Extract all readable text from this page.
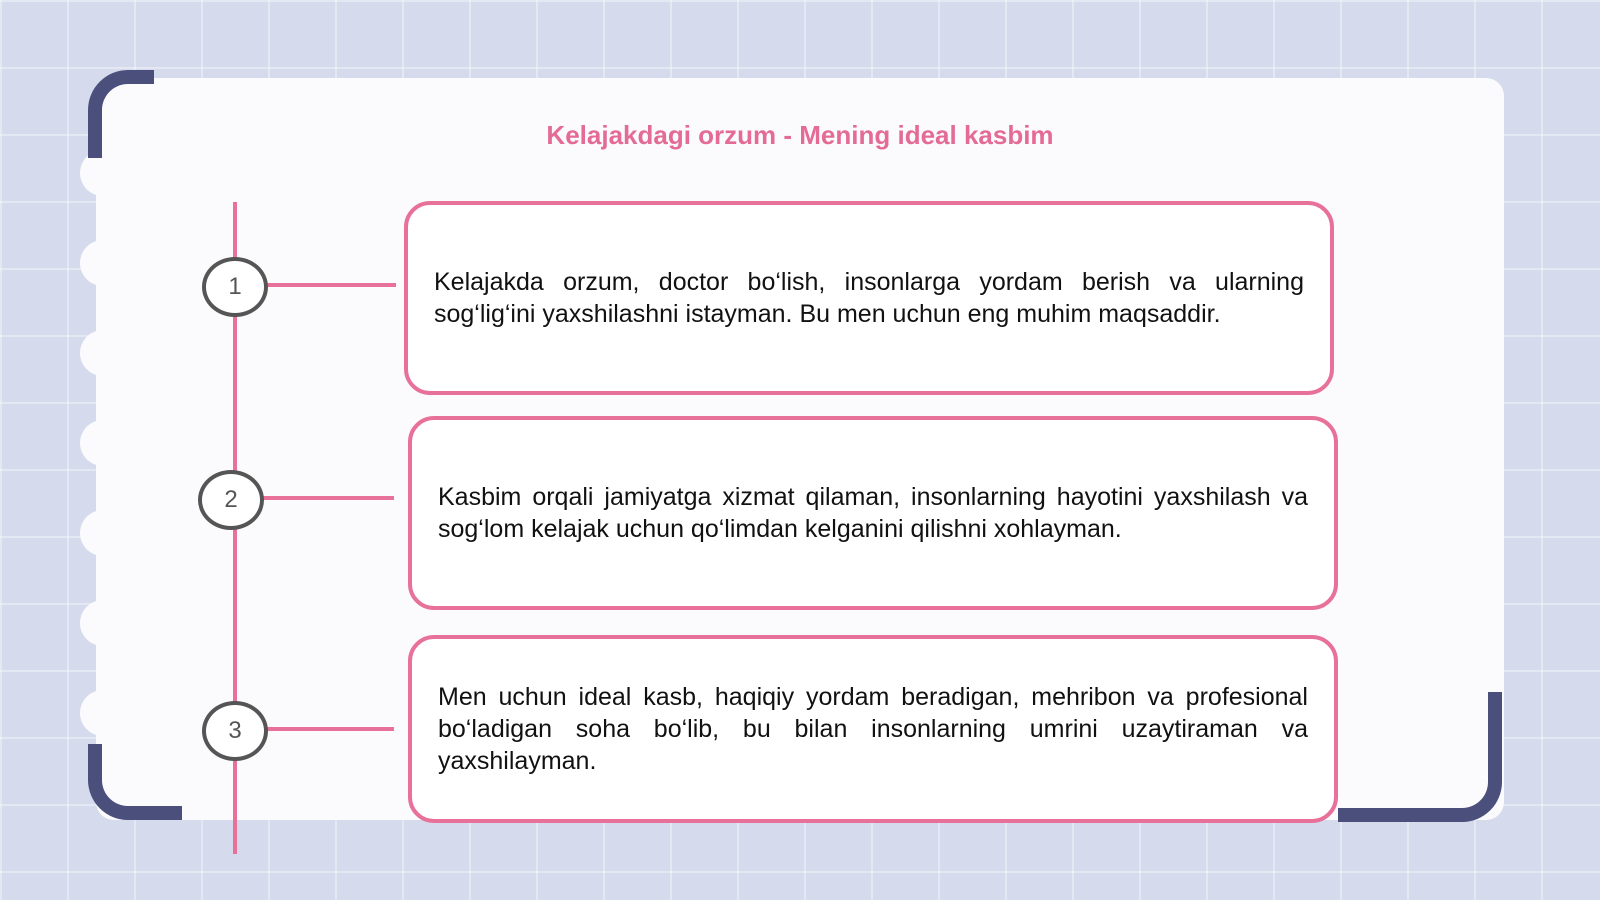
Kelajakdagi orzum - Mening ideal kasbim
1
2
3

Kelajakda orzum, doctor bo‘lish, insonlarga yordam berish va ularning sog‘lig‘ini yaxshilashni istayman. Bu men uchun eng muhim maqsaddir.

Kasbim orqali jamiyatga xizmat qilaman, insonlarning hayotini yaxshilash va sog‘lom kelajak uchun qo‘limdan kelganini qilishni xohlayman.

Men uchun ideal kasb, haqiqiy yordam beradigan, mehribon va profesional bo‘ladigan soha bo‘lib, bu bilan insonlarning umrini uzaytiraman va yaxshilayman.
